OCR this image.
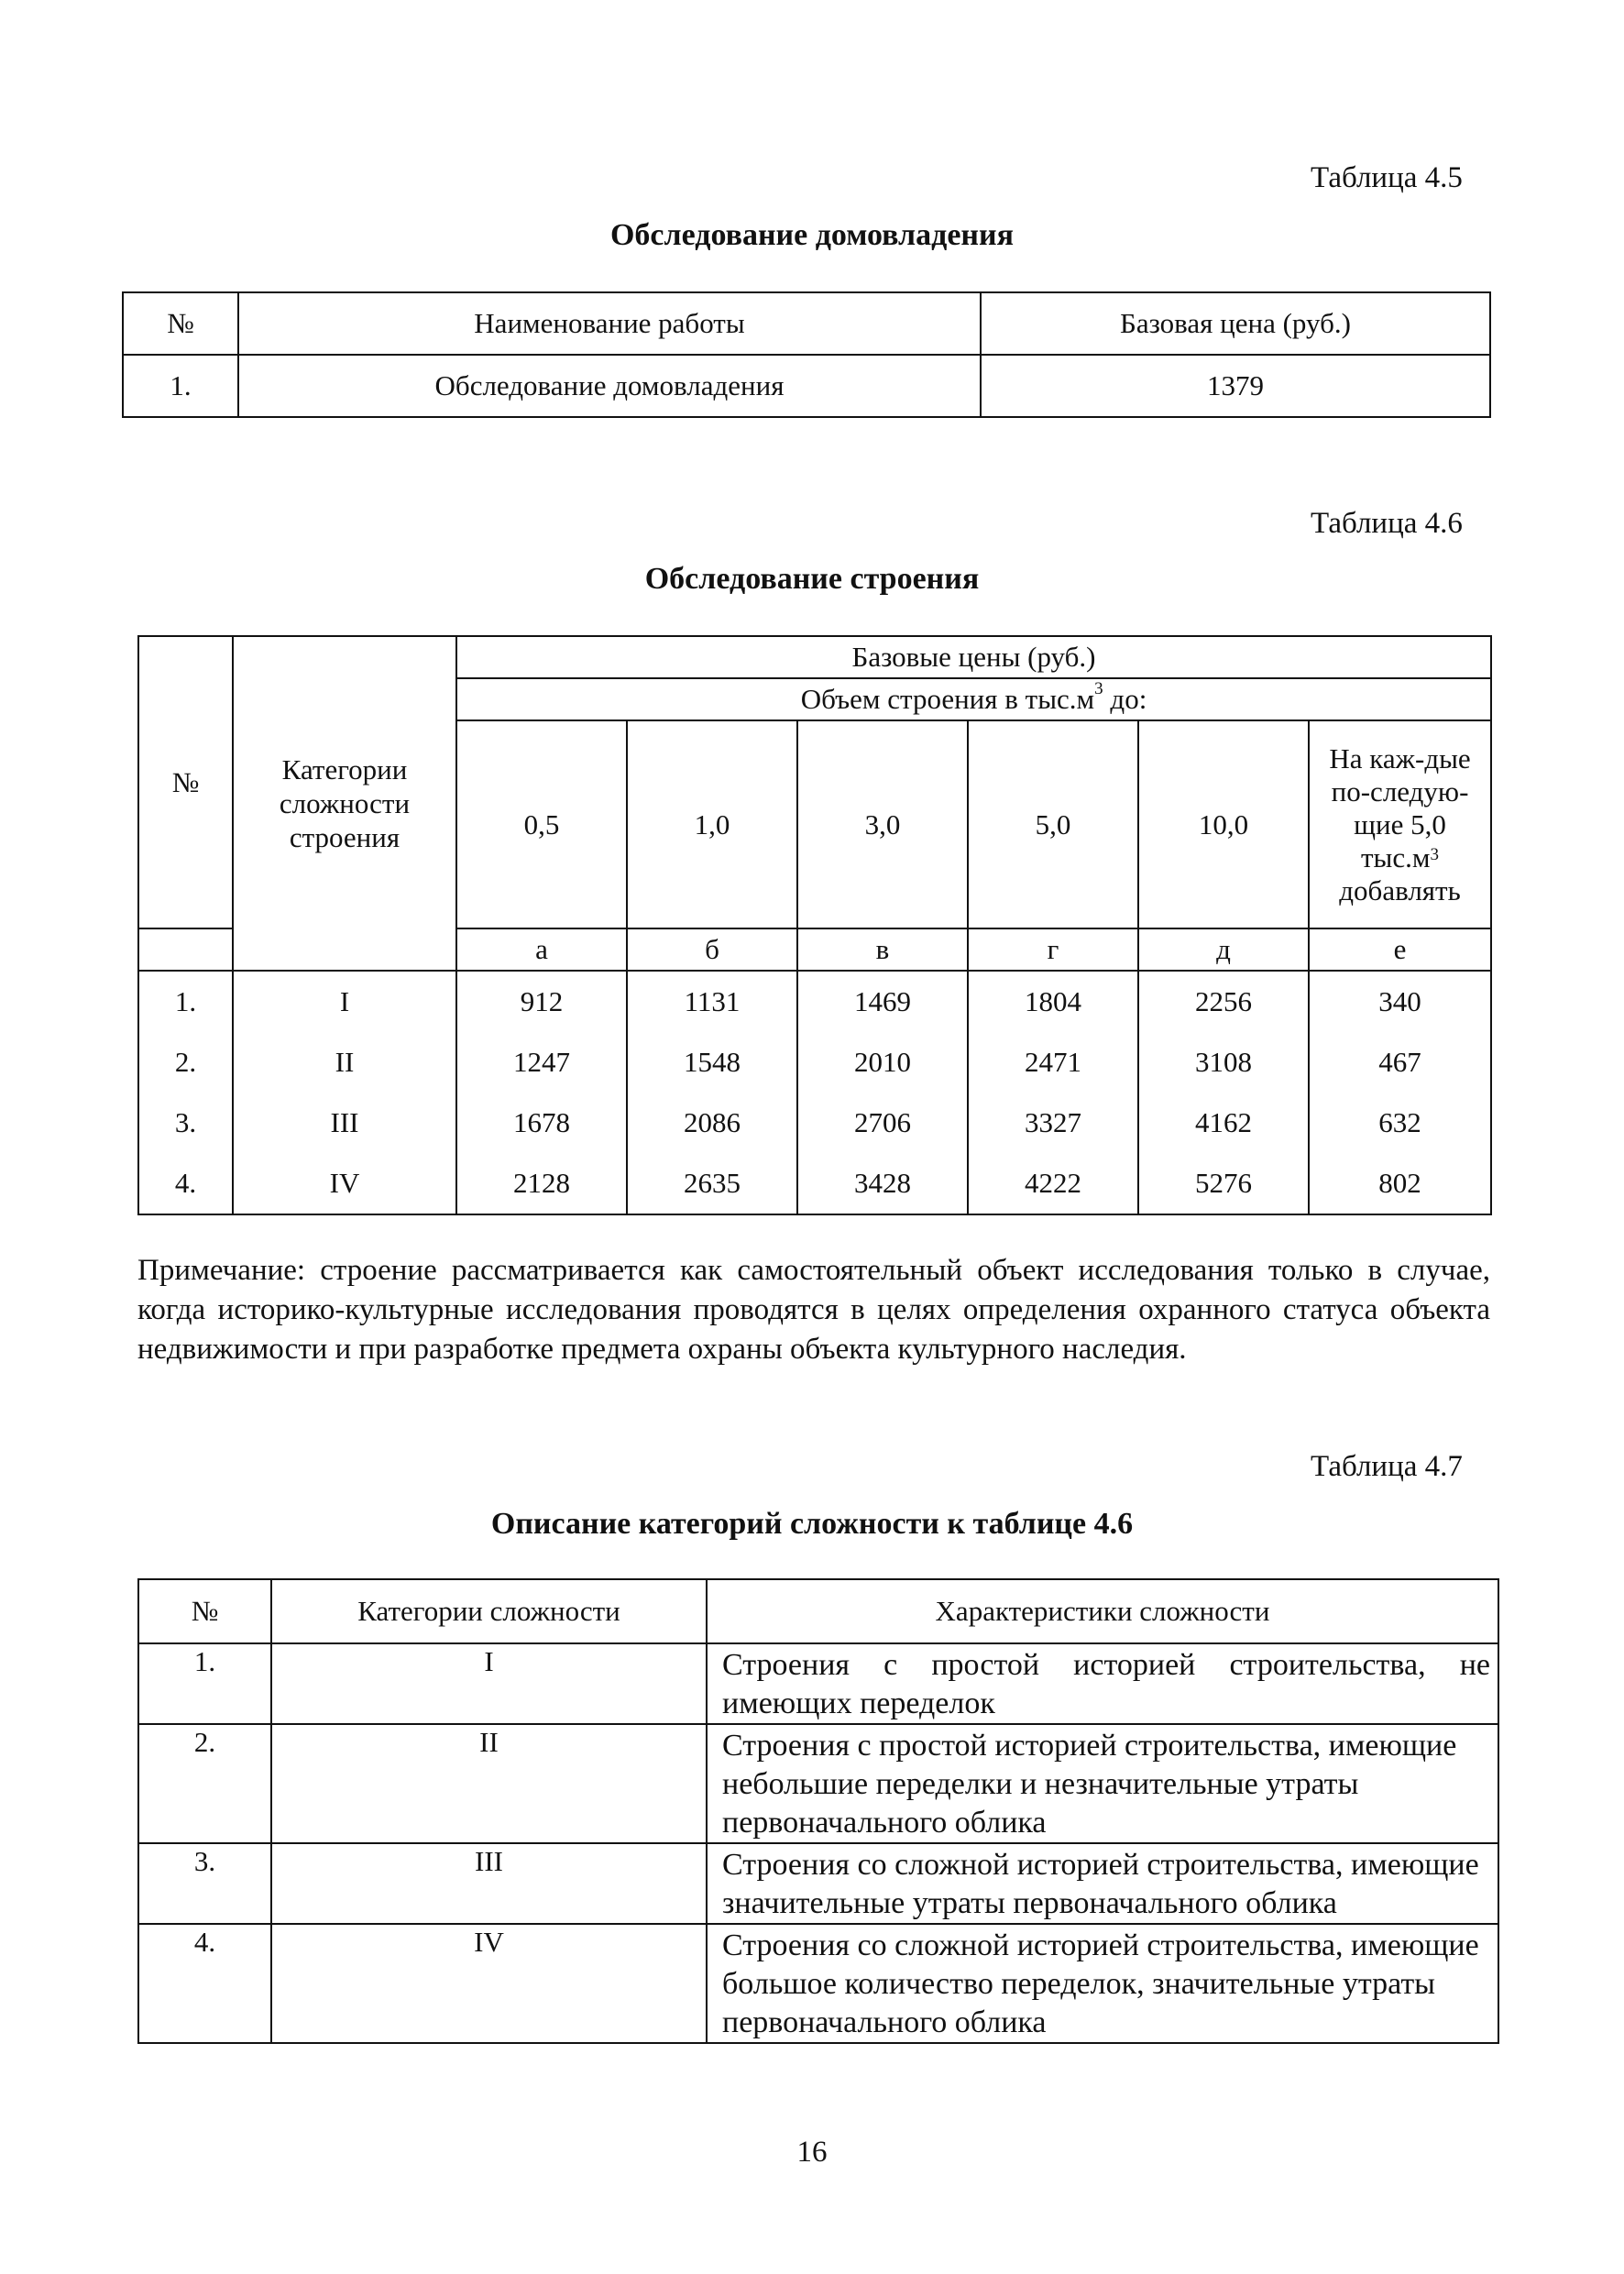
Таблица 4.5
Обследование домовладения
№	Наименование работы	Базовая цена (руб.)
1.	Обследование домовладения	1379
Таблица 4.6
Обследование строения
№	Категории сложности строения	Базовые цены (руб.)					
		Объем строения в $тыс.м^3$ до:					
		0,5	1,0	3,0	5,0	10,0	На каж-дые по-следую-щие 5,0 $тыс.м^3$ добавлять
		а	б	в	г	д	е
1.	I	912	1131	1469	1804	2256	340
2.	II	1247	1548	2010	2471	3108	467
3.	III	1678	2086	2706	3327	4162	632
4.	IV	2128	2635	3428	4222	5276	802
Примечание: строение рассматривается как самостоятельный объект исследования только в случае, когда историко-культурные исследования проводятся в целях определения охранного статуса объекта недвижимости и при разработке предмета охраны объекта культурного наследия.
Таблица 4.7
Описание категорий сложности к таблице 4.6
№	Категории сложности	Характеристики сложности
1.	I	Строения с простой историей строительства, не имеющих переделок
2.	II	Строения с простой историей строительства, имеющие небольшие переделки и незначительные утраты первоначального облика
3.	III	Строения со сложной историей строительства, имеющие значительные утраты первоначального облика
4.	IV	Строения со сложной историей строительства, имеющие большое количество переделок, значительные утраты первоначального облика
16
